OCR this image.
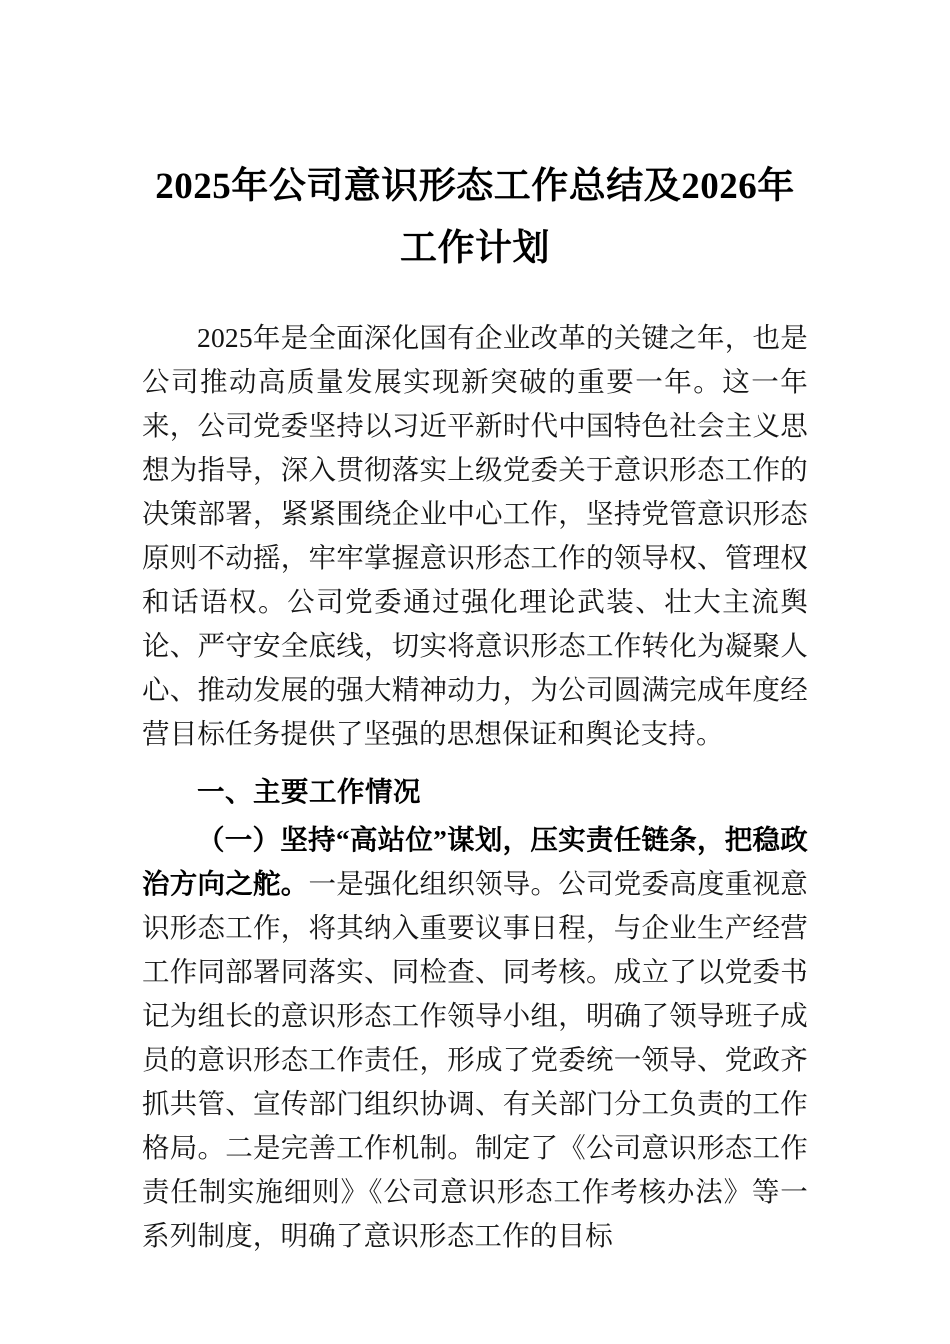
2025年公司意识形态工作总结及2026年工作计划

2025年是全面深化国有企业改革的关键之年，也是公司推动高质量发展实现新突破的重要一年。这一年来，公司党委坚持以习近平新时代中国特色社会主义思想为指导，深入贯彻落实上级党委关于意识形态工作的决策部署，紧紧围绕企业中心工作，坚持党管意识形态原则不动摇，牢牢掌握意识形态工作的领导权、管理权和话语权。公司党委通过强化理论武装、壮大主流舆论、严守安全底线，切实将意识形态工作转化为凝聚人心、推动发展的强大精神动力，为公司圆满完成年度经营目标任务提供了坚强的思想保证和舆论支持。

一、主要工作情况

（一）坚持“高站位”谋划，压实责任链条，把稳政治方向之舵。一是强化组织领导。公司党委高度重视意识形态工作，将其纳入重要议事日程，与企业生产经营工作同部署同落实、同检查、同考核。成立了以党委书记为组长的意识形态工作领导小组，明确了领导班子成员的意识形态工作责任，形成了党委统一领导、党政齐抓共管、宣传部门组织协调、有关部门分工负责的工作格局。二是完善工作机制。制定了《公司意识形态工作责任制实施细则》《公司意识形态工作考核办法》等一系列制度，明确了意识形态工作的目标
